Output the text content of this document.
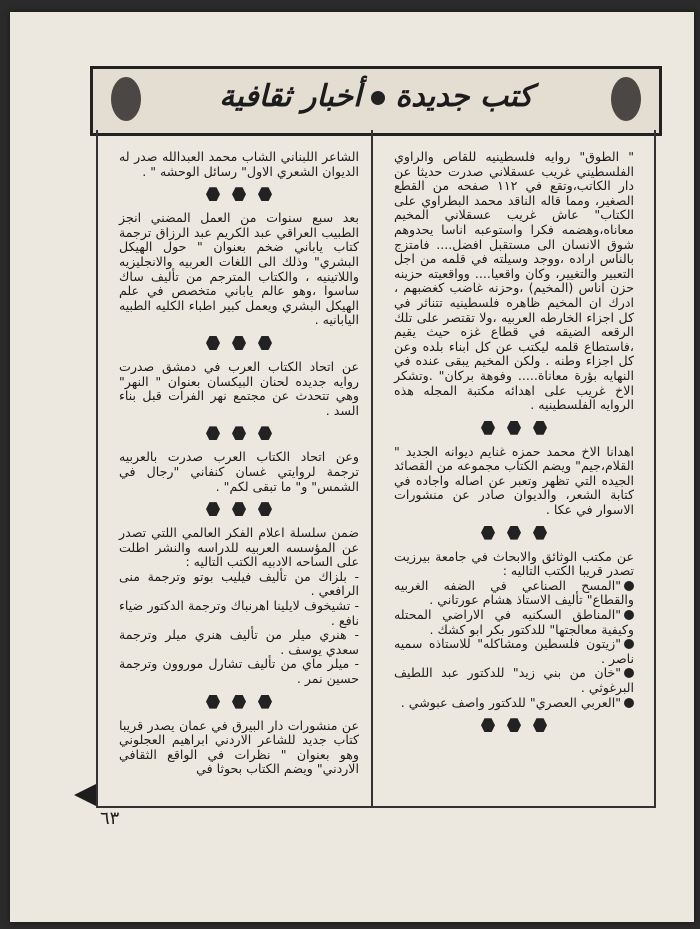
كتب جديدةأخبار ثقافية

" الطوق" روايه فلسطينيه للقاص والراوي الفلسطيني غريب عسقلاني صدرت حديثا عن دار الكاتب،وتقع في ١١٢ صفحه من القطع الصغير، ومما قاله الناقد محمد البطراوي على الكتاب" عاش غريب عسقلاني المخيم معاناه،وهضمه فكرا واستوعبه اناسا يحدوهم شوق الانسان الى مستقبل افضل.... فامتزج بالناس اراده ،ووجد وسيلته في قلمه من اجل التعبير والتغيير، وكان واقعيا.... وواقعيته حزينه حزن اناس (المخيم) ،وحزنه غاضب كغضبهم ، ادرك ان المخيم ظاهره فلسطينيه تتناثر في كل اجزاء الخارطه العربيه ،ولا تقتصر على تلك الرقعه الضيقه في قطاع غزه حيث يقيم ،فاستطاع قلمه ليكتب عن كل ابناء بلده وعن كل اجزاء وطنه . ولكن المخيم يبقى عنده في النهايه بؤرة معاناة..... وفوهة بركان" .وتشكر الاخ غريب على اهدائه مكتبة المجله هذه الروايه الفلسطينيه .

اهدانا الاخ محمد حمزه غنايم ديوانه الجديد " القلام،جيم" ويضم الكتاب مجموعه من القصائد الجيده التي تظهر وتعبر عن اصاله واجاده في كتابة الشعر، والديوان صادر عن منشورات الاسوار في عكا .

عن مكتب الوثائق والابحاث في جامعة بيرزيت تصدر قريبا الكتب التاليه :

"المسح الصناعي في الضفه الغربيه والقطاع" تأليف الاستاذ هشام عورتاني .

"المناطق السكنيه في الاراضي المحتله وكيفية معالجتها" للدكتور بكر ابو كشك .

"زيتون فلسطين ومشاكله" للاستاذه سميه ناصر .

"خان من بني زيد" للدكتور عبد اللطيف البرغوثي .

"العربي العصري" للدكتور واصف عبوشي .

الشاعر اللبناني الشاب محمد العبدالله صدر له الديوان الشعري الاول" رسائل الوحشه " .

بعد سبع سنوات من العمل المضني انجز الطبيب العراقي عبد الكريم عبد الرزاق ترجمة كتاب ياباني ضخم بعنوان " حول الهيكل البشري" وذلك الى اللغات العربيه والانجليزيه واللاتينيه ، والكتاب المترجم من تأليف ساك ساسوا ،وهو عالم ياباني متخصص في علم الهيكل البشري ويعمل كبير اطباء الكليه الطبيه اليابانيه .

عن اتحاد الكتاب العرب في دمشق صدرت روايه جديده لحنان البيكسان بعنوان " النهر" وهي تتحدث عن مجتمع نهر الفرات قبل بناء السد .

وعن اتحاد الكتاب العرب صدرت بالعربيه ترجمة لروايتي غسان كنفاني "رجال في الشمس" و" ما تبقى لكم" .

ضمن سلسلة اعلام الفكر العالمي اللتي تصدر عن المؤسسه العربيه للدراسه والنشر اطلت على الساحه الادبيه الكتب التاليه :

- بلزاك من تأليف فيليب بوتو وترجمة منى الرافعي .

- تشيخوف لايلينا اهرنباك وترجمة الدكتور ضياء نافع .

- هنري ميلر من تأليف هنري ميلر وترجمة سعدي يوسف .

- ميلر ماي من تأليف تشارل موروون وترجمة حسين نمر .

عن منشورات دار البيرق في عمان يصدر قريبا كتاب جديد للشاعر الاردني ابراهيم العجلوني وهو بعنوان " نظرات في الواقع الثقافي الاردني" ويضم الكتاب بحوثا في

٦٣
